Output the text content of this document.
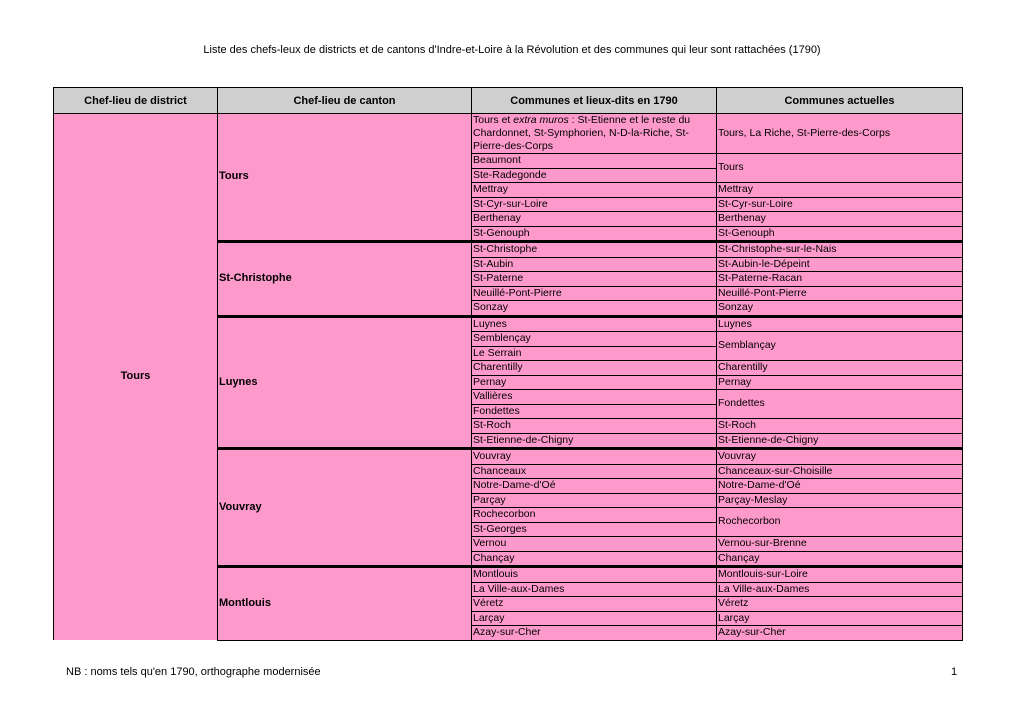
Liste des chefs-leux de districts et de cantons d'Indre-et-Loire à la Révolution et des communes qui leur sont rattachées (1790)
Chef-lieu de district	Chef-lieu de canton	Communes et lieux-dits en 1790	Communes actuelles
Tours	Tours	Tours et extra muros : St-Etienne et le reste du Chardonnet, St-Symphorien, N-D-la-Riche, St-Pierre-des-Corps	Tours, La Riche, St-Pierre-des-Corps
		Beaumont	Tours
		Ste-Radegonde	
		Mettray	Mettray
		St-Cyr-sur-Loire	St-Cyr-sur-Loire
		Berthenay	Berthenay
		St-Genouph	St-Genouph
	St-Christophe	St-Christophe	St-Christophe-sur-le-Nais
		St-Aubin	St-Aubin-le-Dépeint
		St-Paterne	St-Paterne-Racan
		Neuillé-Pont-Pierre	Neuillé-Pont-Pierre
		Sonzay	Sonzay
	Luynes	Luynes	Luynes
		Semblençay	Semblançay
		Le Serrain	
		Charentilly	Charentilly
		Pernay	Pernay
		Vallières	Fondettes
		Fondettes	
		St-Roch	St-Roch
		St-Etienne-de-Chigny	St-Etienne-de-Chigny
	Vouvray	Vouvray	Vouvray
		Chanceaux	Chanceaux-sur-Choisille
		Notre-Dame-d'Oé	Notre-Dame-d'Oé
		Parçay	Parçay-Meslay
		Rochecorbon	Rochecorbon
		St-Georges	
		Vernou	Vernou-sur-Brenne
		Chançay	Chançay
	Montlouis	Montlouis	Montlouis-sur-Loire
		La Ville-aux-Dames	La Ville-aux-Dames
		Véretz	Véretz
		Larçay	Larçay
		Azay-sur-Cher	Azay-sur-Cher
NB : noms tels qu'en 1790, orthographe modernisée	1
